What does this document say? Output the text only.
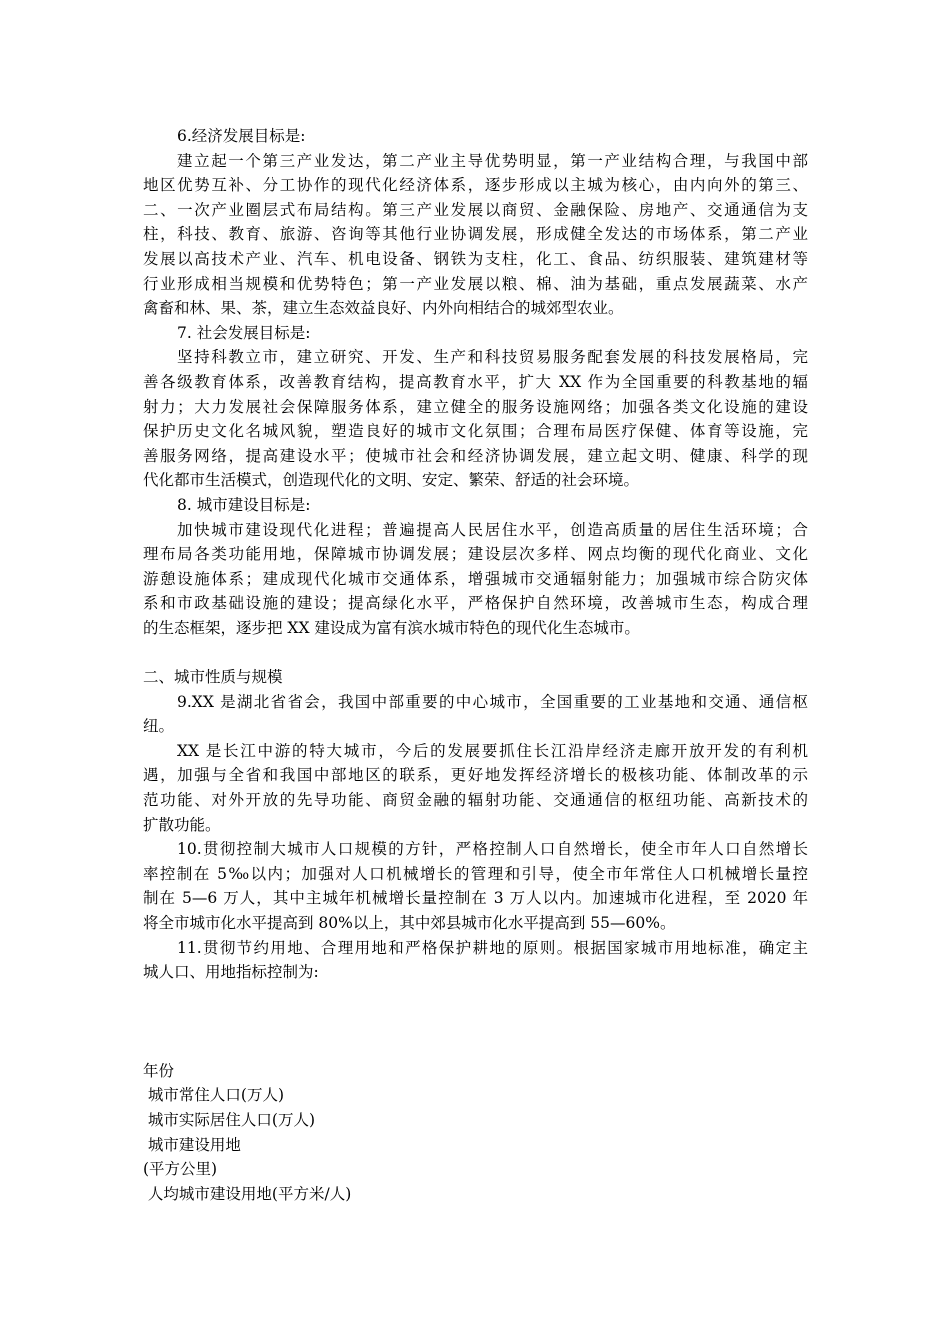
6.经济发展目标是:
建立起一个第三产业发达，第二产业主导优势明显，第一产业结构合理，与我国中部
地区优势互补、分工协作的现代化经济体系，逐步形成以主城为核心，由内向外的第三、
二、一次产业圈层式布局结构。第三产业发展以商贸、金融保险、房地产、交通通信为支
柱，科技、教育、旅游、咨询等其他行业协调发展，形成健全发达的市场体系，第二产业
发展以高技术产业、汽车、机电设备、钢铁为支柱，化工、食品、纺织服装、建筑建材等
行业形成相当规模和优势特色；第一产业发展以粮、棉、油为基础，重点发展蔬菜、水产
禽畜和林、果、茶，建立生态效益良好、内外向相结合的城郊型农业。
7. 社会发展目标是:
坚持科教立市，建立研究、开发、生产和科技贸易服务配套发展的科技发展格局，完
善各级教育体系，改善教育结构，提高教育水平，扩大 XX 作为全国重要的科教基地的辐
射力；大力发展社会保障服务体系，建立健全的服务设施网络；加强各类文化设施的建设
保护历史文化名城风貌，塑造良好的城市文化氛围；合理布局医疗保健、体育等设施，完
善服务网络，提高建设水平；使城市社会和经济协调发展，建立起文明、健康、科学的现
代化都市生活模式，创造现代化的文明、安定、繁荣、舒适的社会环境。
8. 城市建设目标是:
加快城市建设现代化进程；普遍提高人民居住水平，创造高质量的居住生活环境；合
理布局各类功能用地，保障城市协调发展；建设层次多样、网点均衡的现代化商业、文化
游憩设施体系；建成现代化城市交通体系，增强城市交通辐射能力；加强城市综合防灾体
系和市政基础设施的建设；提高绿化水平，严格保护自然环境，改善城市生态，构成合理
的生态框架，逐步把 XX 建设成为富有滨水城市特色的现代化生态城市。
二、城市性质与规模
9.XX 是湖北省省会，我国中部重要的中心城市，全国重要的工业基地和交通、通信枢
纽。
XX 是长江中游的特大城市，今后的发展要抓住长江沿岸经济走廊开放开发的有利机
遇，加强与全省和我国中部地区的联系，更好地发挥经济增长的极核功能、体制改革的示
范功能、对外开放的先导功能、商贸金融的辐射功能、交通通信的枢纽功能、高新技术的
扩散功能。
10.贯彻控制大城市人口规模的方针，严格控制人口自然增长，使全市年人口自然增长
率控制在 5‰以内；加强对人口机械增长的管理和引导，使全市年常住人口机械增长量控
制在 5—6 万人，其中主城年机械增长量控制在 3 万人以内。加速城市化进程，至 2020 年
将全市城市化水平提高到 80%以上，其中郊县城市化水平提高到 55—60%。
11.贯彻节约用地、合理用地和严格保护耕地的原则。根据国家城市用地标准，确定主
城人口、用地指标控制为:
年份
城市常住人口(万人)
城市实际居住人口(万人)
城市建设用地
(平方公里)
人均城市建设用地(平方米/人)
